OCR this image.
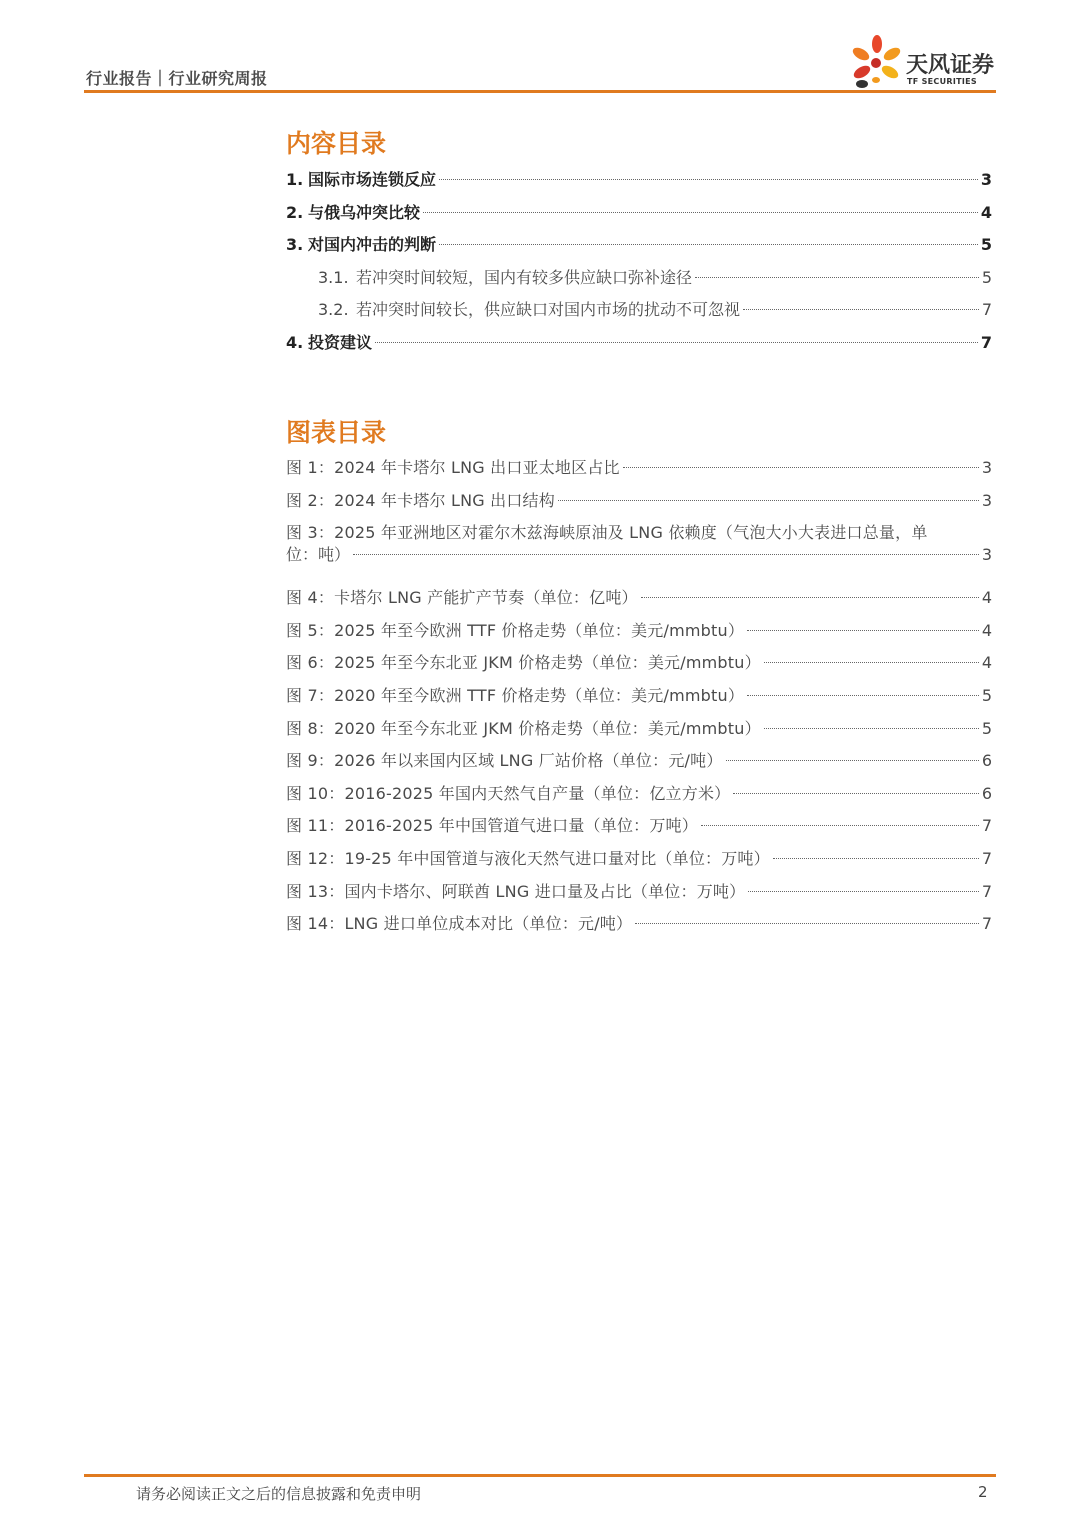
行业报告｜行业研究周报
天风证券
TF SECURITIES
内容目录
1. 国际市场连锁反应	3
2. 与俄乌冲突比较	4
3. 对国内冲击的判断	5
3.1. 若冲突时间较短，国内有较多供应缺口弥补途径	5
3.2. 若冲突时间较长，供应缺口对国内市场的扰动不可忽视	7
4. 投资建议	7
图表目录
图 1：2024 年卡塔尔 LNG 出口亚太地区占比	3
图 2：2024 年卡塔尔 LNG 出口结构	3
图 3：2025 年亚洲地区对霍尔木兹海峡原油及 LNG 依赖度（气泡大小大表进口总量，单
位：吨）	3
图 4：卡塔尔 LNG 产能扩产节奏（单位：亿吨）	4
图 5：2025 年至今欧洲 TTF 价格走势（单位：美元/mmbtu）	4
图 6：2025 年至今东北亚 JKM 价格走势（单位：美元/mmbtu）	4
图 7：2020 年至今欧洲 TTF 价格走势（单位：美元/mmbtu）	5
图 8：2020 年至今东北亚 JKM 价格走势（单位：美元/mmbtu）	5
图 9：2026 年以来国内区域 LNG 厂站价格（单位：元/吨）	6
图 10：2016-2025 年国内天然气自产量（单位：亿立方米）	6
图 11：2016-2025 年中国管道气进口量（单位：万吨）	7
图 12：19-25 年中国管道与液化天然气进口量对比（单位：万吨）	7
图 13：国内卡塔尔、阿联酋 LNG 进口量及占比（单位：万吨）	7
图 14：LNG 进口单位成本对比（单位：元/吨）	7
请务必阅读正文之后的信息披露和免责申明	2
